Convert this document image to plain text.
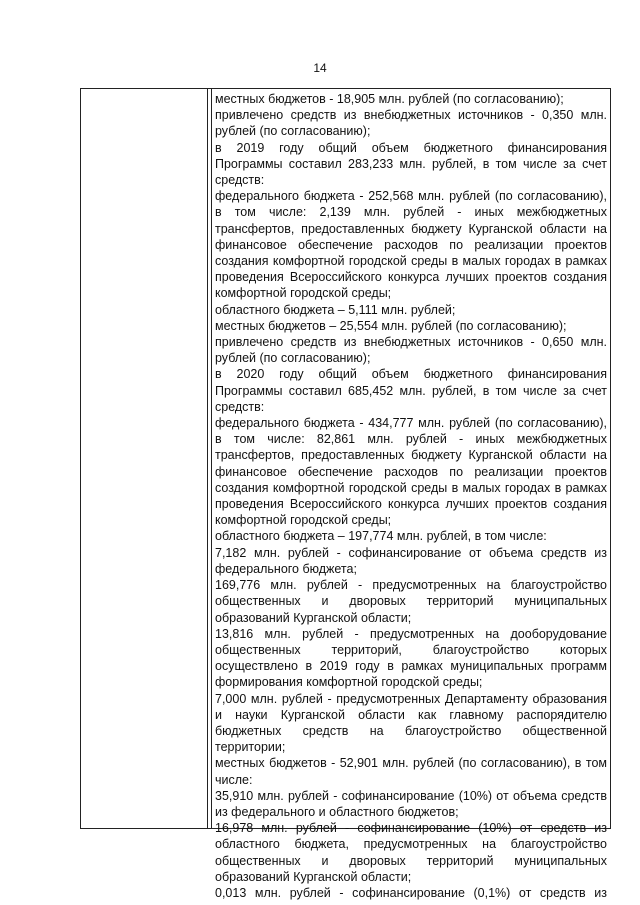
14

местных бюджетов - 18,905 млн. рублей (по согласованию);

привлечено средств из внебюджетных источников - 0,350 млн. рублей (по согласованию);

в 2019 году общий объем бюджетного финансирования Программы составил 283,233 млн. рублей, в том числе за счет средств:

федерального бюджета - 252,568 млн. рублей (по согласованию), в том числе: 2,139 млн. рублей - иных межбюджетных трансфертов, предоставленных бюджету Курганской области на финансовое обеспечение расходов по реализации проектов создания комфортной городской среды в малых городах в рамках проведения Всероссийского конкурса лучших проектов создания комфортной городской среды;

областного бюджета – 5,111 млн. рублей;

местных бюджетов – 25,554 млн. рублей (по согласованию);

привлечено средств из внебюджетных источников - 0,650 млн. рублей (по согласованию);

в 2020 году общий объем бюджетного финансирования Программы составил 685,452 млн. рублей, в том числе за счет средств:

федерального бюджета - 434,777 млн. рублей (по согласованию), в том числе: 82,861 млн. рублей - иных межбюджетных трансфертов, предоставленных бюджету Курганской области на финансовое обеспечение расходов по реализации проектов создания комфортной городской среды в малых городах в рамках проведения Всероссийского конкурса лучших проектов создания комфортной городской среды;

областного бюджета – 197,774 млн. рублей, в том числе:

7,182 млн. рублей - софинансирование от объема средств из федерального бюджета;

169,776 млн. рублей - предусмотренных на благоустройство общественных и дворовых территорий муниципальных образований Курганской области;

13,816 млн. рублей - предусмотренных на дооборудование общественных территорий, благоустройство которых осуществлено в 2019 году в рамках муниципальных программ формирования комфортной городской среды;

7,000 млн. рублей - предусмотренных Департаменту образования и науки Курганской области как главному распорядителю бюджетных средств на благоустройство общественной территории;

местных бюджетов - 52,901 млн. рублей (по согласованию), в том числе:

35,910 млн. рублей - софинансирование (10%) от объема средств из федерального и областного бюджетов;

16,978 млн. рублей - софинансирование (10%) от средств из областного бюджета, предусмотренных на благоустройство общественных и дворовых территорий муниципальных образований Курганской области;

0,013 млн. рублей - софинансирование (0,1%) от средств из
